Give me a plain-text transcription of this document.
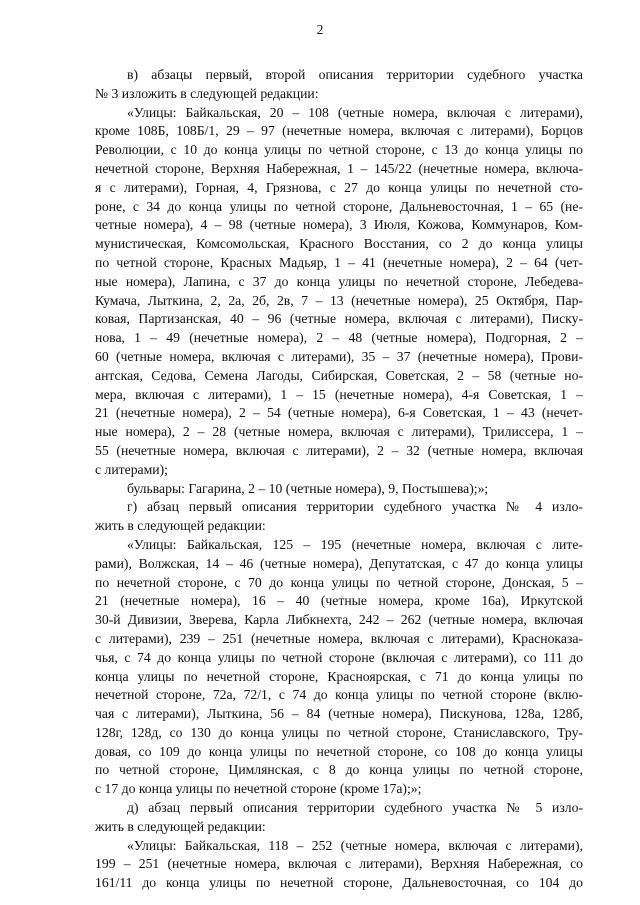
2
в) абзацы первый, второй описания территории судебного участка
№ 3 изложить в следующей редакции:
«Улицы: Байкальская, 20 – 108 (четные номера, включая с литерами),
кроме 108Б, 108Б/1, 29 – 97 (нечетные номера, включая с литерами), Борцов
Революции, с 10 до конца улицы по четной стороне, с 13 до конца улицы по
нечетной стороне, Верхняя Набережная, 1 – 145/22 (нечетные номера, включа-
я с литерами), Горная, 4, Грязнова, с 27 до конца улицы по нечетной сто-
роне, с 34 до конца улицы по четной стороне, Дальневосточная, 1 – 65 (не-
четные номера), 4 – 98 (четные номера), 3 Июля, Кожова, Коммунаров, Ком-
мунистическая, Комсомольская, Красного Восстания, со 2 до конца улицы
по четной стороне, Красных Мадьяр, 1 – 41 (нечетные номера), 2 – 64 (чет-
ные номера), Лапина, с 37 до конца улицы по нечетной стороне, Лебедева-
Кумача, Лыткина, 2, 2а, 2б, 2в, 7 – 13 (нечетные номера), 25 Октября, Пар-
ковая, Партизанская, 40 – 96 (четные номера, включая с литерами), Писку-
нова, 1 – 49 (нечетные номера), 2 – 48 (четные номера), Подгорная, 2 –
60 (четные номера, включая с литерами), 35 – 37 (нечетные номера), Прови-
антская, Седова, Семена Лагоды, Сибирская, Советская, 2 – 58 (четные но-
мера, включая с литерами), 1 – 15 (нечетные номера), 4-я Советская, 1 –
21 (нечетные номера), 2 – 54 (четные номера), 6-я Советская, 1 – 43 (нечет-
ные номера), 2 – 28 (четные номера, включая с литерами), Трилиссера, 1 –
55 (нечетные номера, включая с литерами), 2 – 32 (четные номера, включая
с литерами);
бульвары: Гагарина, 2 – 10 (четные номера), 9, Постышева);»;
г) абзац первый описания территории судебного участка № 4 изло-
жить в следующей редакции:
«Улицы: Байкальская, 125 – 195 (нечетные номера, включая с лите-
рами), Волжская, 14 – 46 (четные номера), Депутатская, с 47 до конца улицы
по нечетной стороне, с 70 до конца улицы по четной стороне, Донская, 5 –
21 (нечетные номера), 16 – 40 (четные номера, кроме 16а), Иркутской
30-й Дивизии, Зверева, Карла Либкнехта, 242 – 262 (четные номера, включая
с литерами), 239 – 251 (нечетные номера, включая с литерами), Красноказа-
чья, с 74 до конца улицы по четной стороне (включая с литерами), со 111 до
конца улицы по нечетной стороне, Красноярская, с 71 до конца улицы по
нечетной стороне, 72а, 72/1, с 74 до конца улицы по четной стороне (вклю-
чая с литерами), Лыткина, 56 – 84 (четные номера), Пискунова, 128а, 128б,
128г, 128д, со 130 до конца улицы по четной стороне, Станиславского, Тру-
довая, со 109 до конца улицы по нечетной стороне, со 108 до конца улицы
по четной стороне, Цимлянская, с 8 до конца улицы по четной стороне,
с 17 до конца улицы по нечетной стороне (кроме 17а);»;
д) абзац первый описания территории судебного участка № 5 изло-
жить в следующей редакции:
«Улицы: Байкальская, 118 – 252 (четные номера, включая с литерами),
199 – 251 (нечетные номера, включая с литерами), Верхняя Набережная, со
161/11 до конца улицы по нечетной стороне, Дальневосточная, со 104 до
